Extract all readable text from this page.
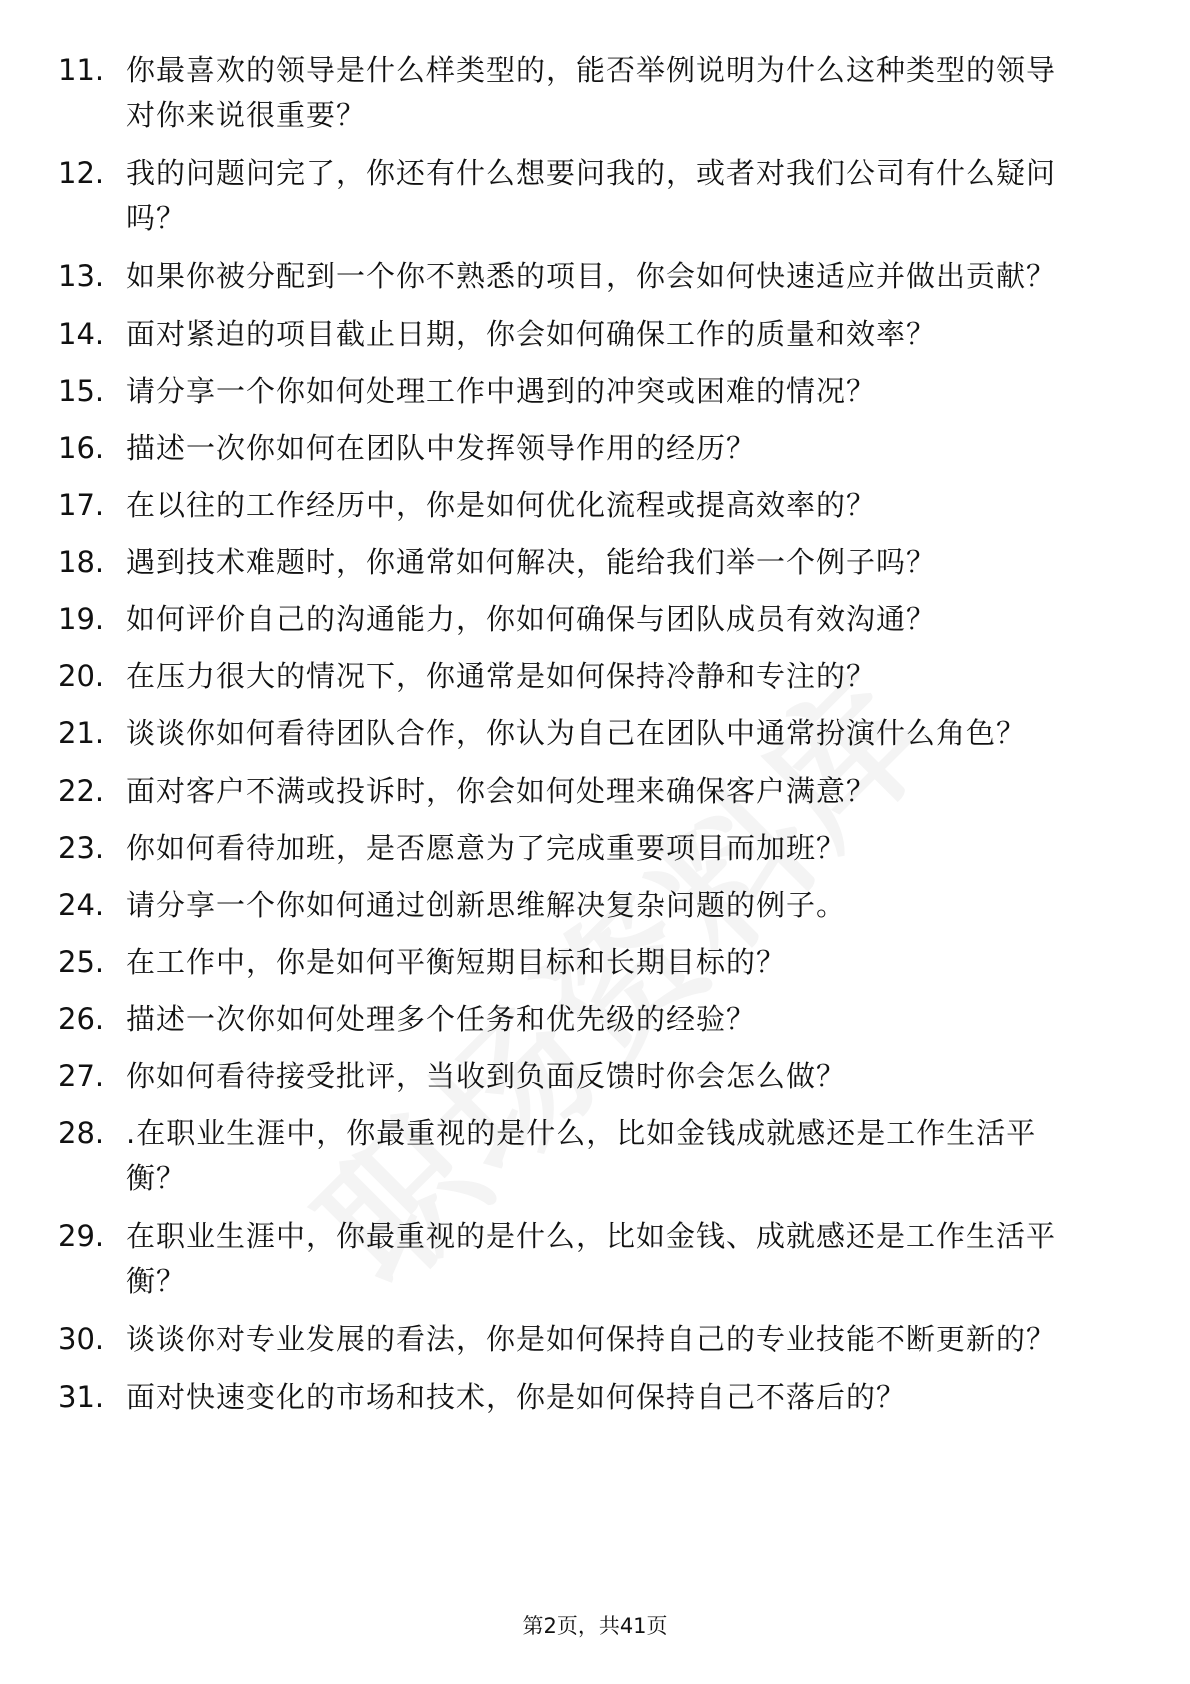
11. 你最喜欢的领导是什么样类型的，能否举例说明为什么这种类型的领导对你来说很重要？
12. 我的问题问完了，你还有什么想要问我的，或者对我们公司有什么疑问吗？
13. 如果你被分配到一个你不熟悉的项目，你会如何快速适应并做出贡献？
14. 面对紧迫的项目截止日期，你会如何确保工作的质量和效率？
15. 请分享一个你如何处理工作中遇到的冲突或困难的情况？
16. 描述一次你如何在团队中发挥领导作用的经历？
17. 在以往的工作经历中，你是如何优化流程或提高效率的？
18. 遇到技术难题时，你通常如何解决，能给我们举一个例子吗？
19. 如何评价自己的沟通能力，你如何确保与团队成员有效沟通？
20. 在压力很大的情况下，你通常是如何保持冷静和专注的？
21. 谈谈你如何看待团队合作，你认为自己在团队中通常扮演什么角色？
22. 面对客户不满或投诉时，你会如何处理来确保客户满意？
23. 你如何看待加班，是否愿意为了完成重要项目而加班？
24. 请分享一个你如何通过创新思维解决复杂问题的例子。
25. 在工作中，你是如何平衡短期目标和长期目标的？
26. 描述一次你如何处理多个任务和优先级的经验？
27. 你如何看待接受批评，当收到负面反馈时你会怎么做？
28. .在职业生涯中，你最重视的是什么，比如金钱成就感还是工作生活平衡？
29. 在职业生涯中，你最重视的是什么，比如金钱、成就感还是工作生活平衡？
30. 谈谈你对专业发展的看法，你是如何保持自己的专业技能不断更新的？
31. 面对快速变化的市场和技术，你是如何保持自己不落后的？
第2页，共41页
